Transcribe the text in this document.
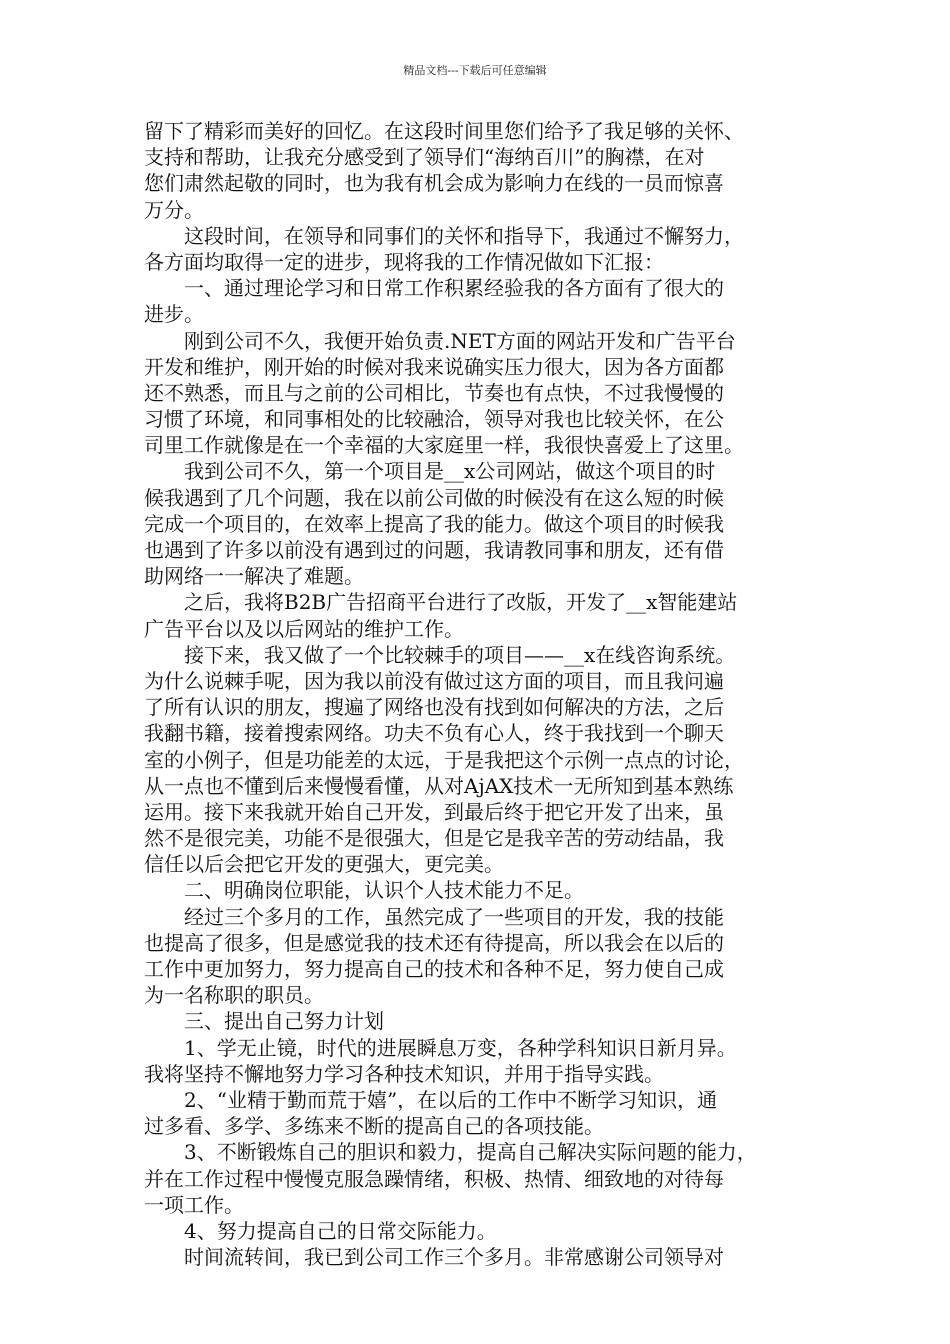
精品文档---下载后可任意编辑
留下了精彩而美好的回忆。在这段时间里您们给予了我足够的关怀、
支持和帮助，让我充分感受到了领导们“海纳百川”的胸襟，在对
您们肃然起敬的同时，也为我有机会成为影响力在线的一员而惊喜
万分。
　　这段时间，在领导和同事们的关怀和指导下，我通过不懈努力，
各方面均取得一定的进步，现将我的工作情况做如下汇报：
　　一、通过理论学习和日常工作积累经验我的各方面有了很大的
进步。
　　刚到公司不久，我便开始负责.NET方面的网站开发和广告平台
开发和维护，刚开始的时候对我来说确实压力很大，因为各方面都
还不熟悉，而且与之前的公司相比，节奏也有点快，不过我慢慢的
习惯了环境，和同事相处的比较融洽，领导对我也比较关怀，在公
司里工作就像是在一个幸福的大家庭里一样，我很快喜爱上了这里。
　　我到公司不久，第一个项目是__x公司网站，做这个项目的时
候我遇到了几个问题，我在以前公司做的时候没有在这么短的时候
完成一个项目的，在效率上提高了我的能力。做这个项目的时候我
也遇到了许多以前没有遇到过的问题，我请教同事和朋友，还有借
助网络一一解决了难题。
　　之后，我将B2B广告招商平台进行了改版，开发了__x智能建站
广告平台以及以后网站的维护工作。
　　接下来，我又做了一个比较棘手的项目——__x在线咨询系统。
为什么说棘手呢，因为我以前没有做过这方面的项目，而且我问遍
了所有认识的朋友，搜遍了网络也没有找到如何解决的方法，之后
我翻书籍，接着搜索网络。功夫不负有心人，终于我找到一个聊天
室的小例子，但是功能差的太远，于是我把这个示例一点点的讨论，
从一点也不懂到后来慢慢看懂，从对AjAX技术一无所知到基本熟练
运用。接下来我就开始自己开发，到最后终于把它开发了出来，虽
然不是很完美，功能不是很强大，但是它是我辛苦的劳动结晶，我
信任以后会把它开发的更强大，更完美。
　　二、明确岗位职能，认识个人技术能力不足。
　　经过三个多月的工作，虽然完成了一些项目的开发，我的技能
也提高了很多，但是感觉我的技术还有待提高，所以我会在以后的
工作中更加努力，努力提高自己的技术和各种不足，努力使自己成
为一名称职的职员。
　　三、提出自己努力计划
　　1、学无止镜，时代的进展瞬息万变，各种学科知识日新月异。
我将坚持不懈地努力学习各种技术知识，并用于指导实践。
　　2、“业精于勤而荒于嬉”，在以后的工作中不断学习知识，通
过多看、多学、多练来不断的提高自己的各项技能。
　　3、不断锻炼自己的胆识和毅力，提高自己解决实际问题的能力，
并在工作过程中慢慢克服急躁情绪，积极、热情、细致地的对待每
一项工作。
　　4、努力提高自己的日常交际能力。
　　时间流转间，我已到公司工作三个多月。非常感谢公司领导对
